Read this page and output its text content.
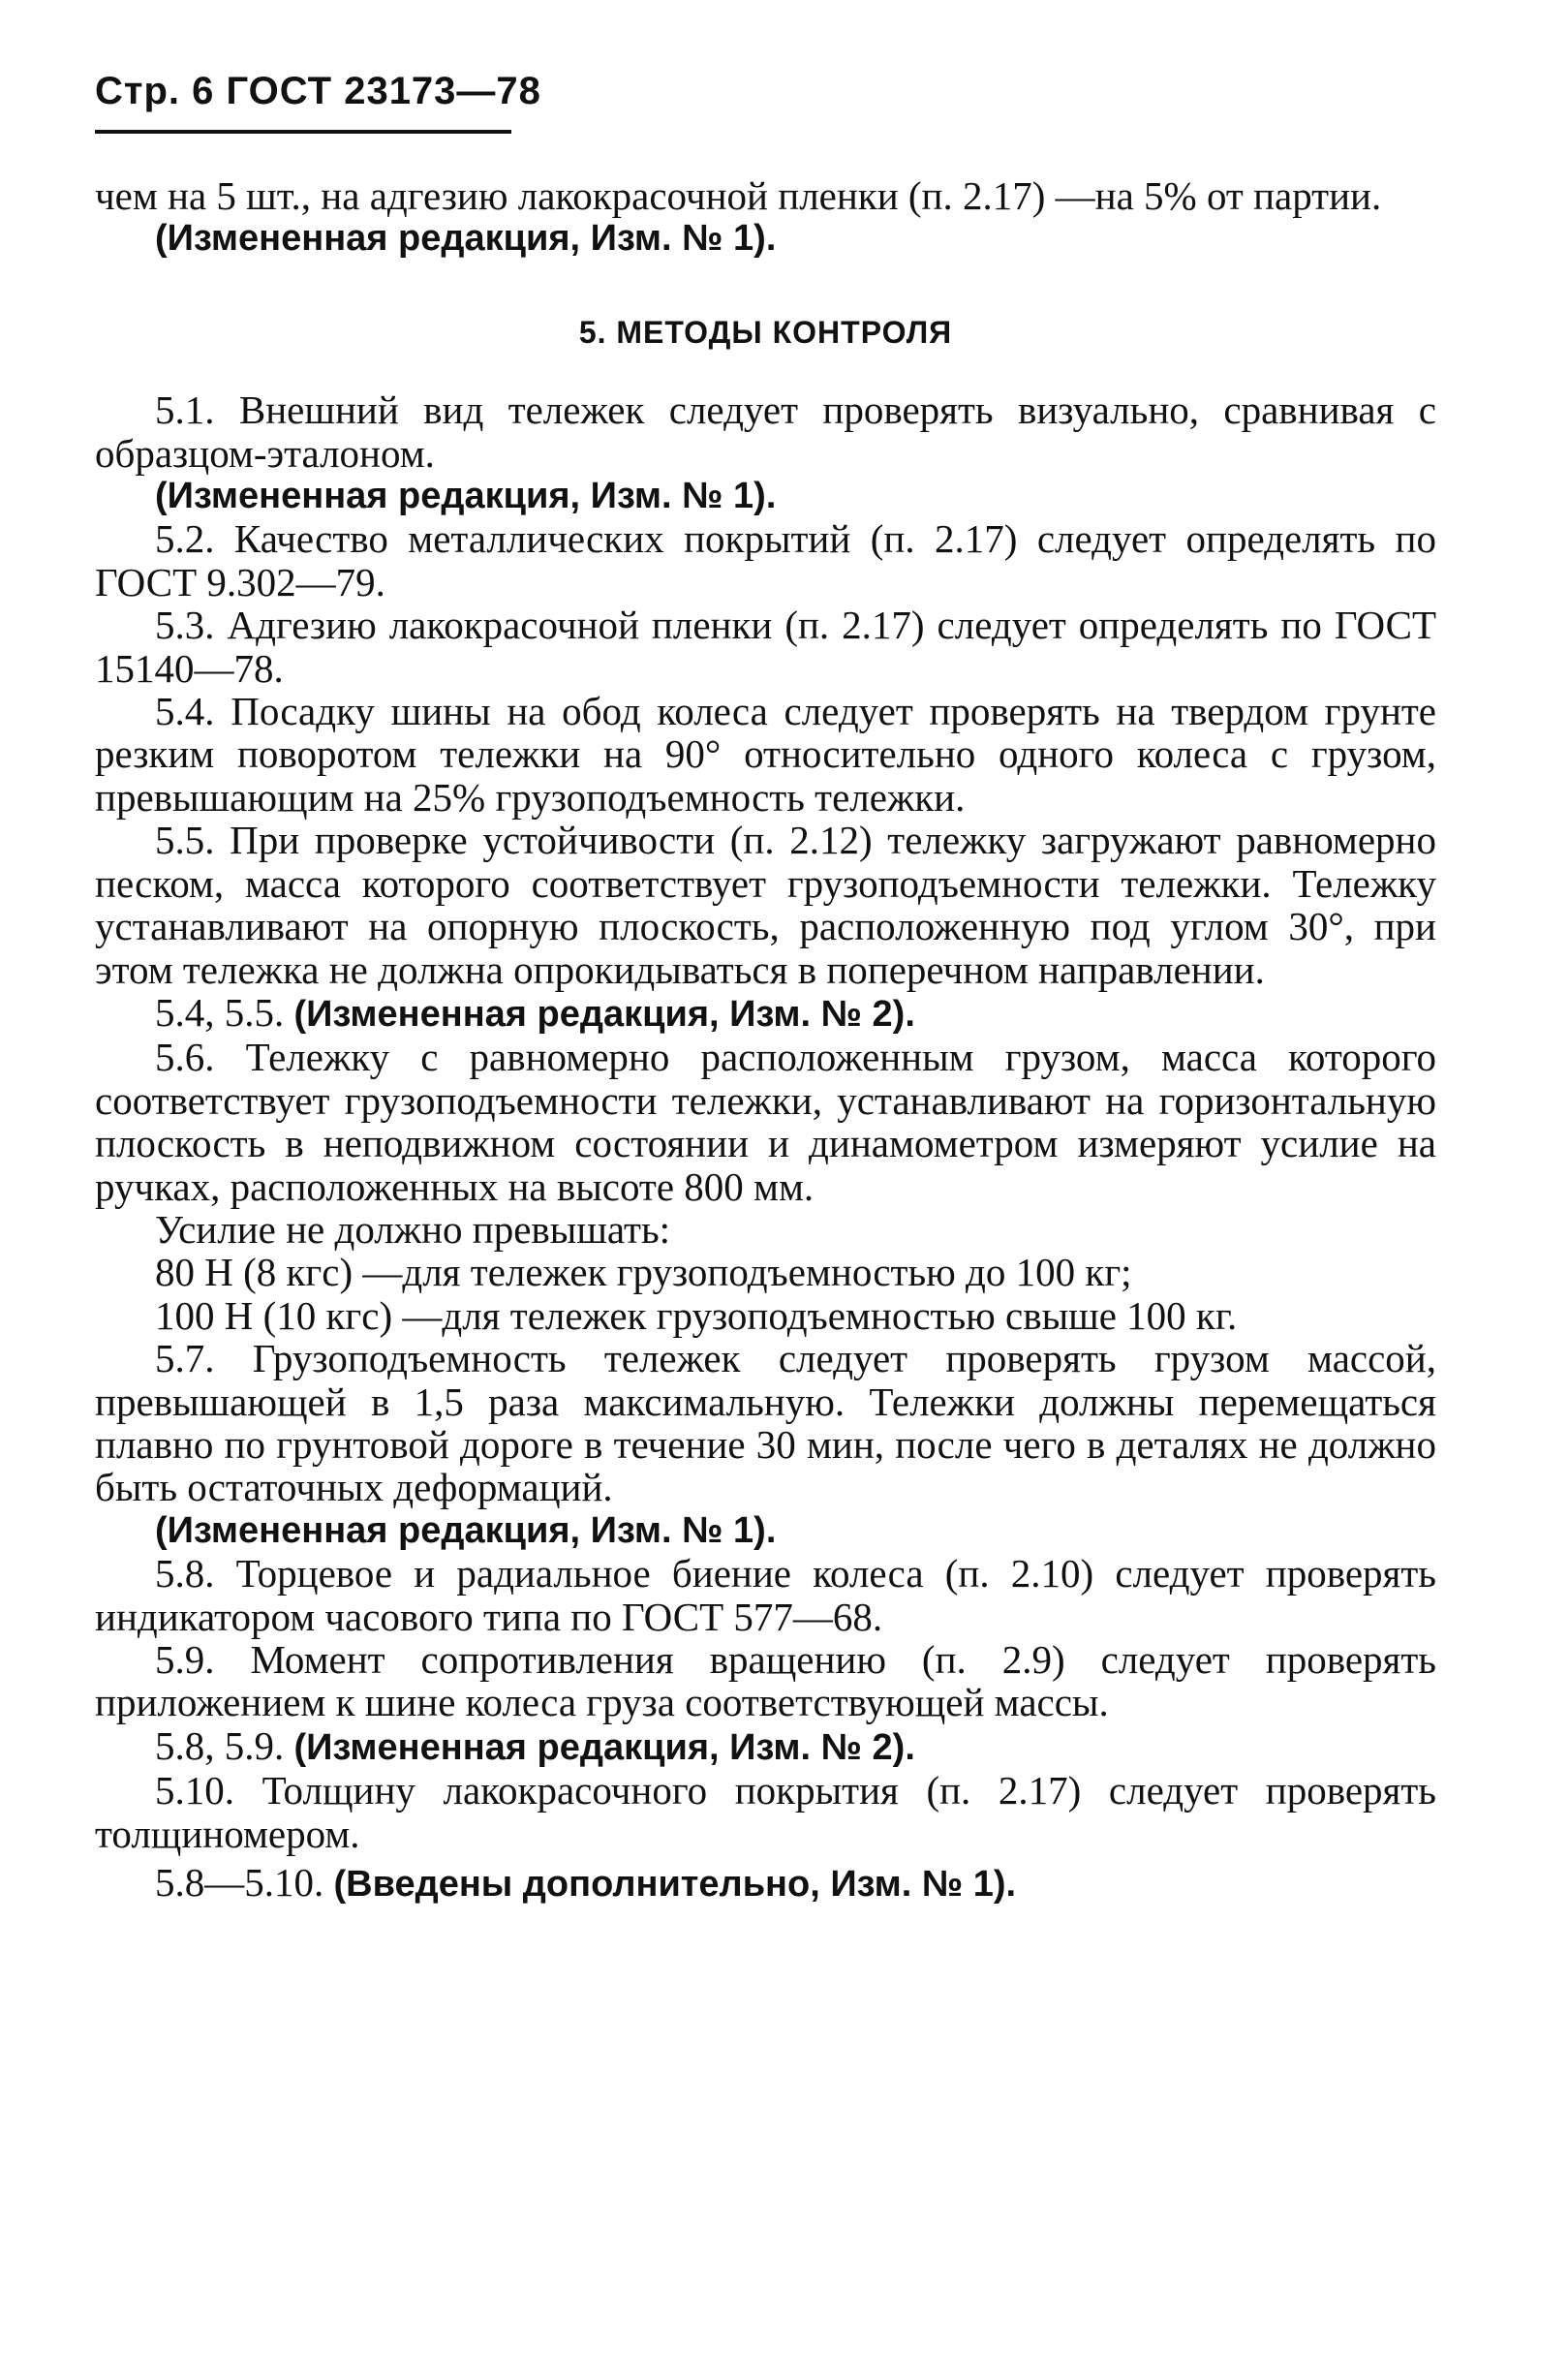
Стр. 6 ГОСТ 23173—78

чем на 5 шт., на адгезию лакокрасочной пленки (п. 2.17) —на 5% от партии.

(Измененная редакция, Изм. № 1).

5. МЕТОДЫ КОНТРОЛЯ

5.1. Внешний вид тележек следует проверять визуально, сравнивая с образцом-эталоном.

(Измененная редакция, Изм. № 1).

5.2. Качество металлических покрытий (п. 2.17) следует определять по ГОСТ 9.302—79.

5.3. Адгезию лакокрасочной пленки (п. 2.17) следует определять по ГОСТ 15140—78.

5.4. Посадку шины на обод колеса следует проверять на твердом грунте резким поворотом тележки на 90° относительно одного колеса с грузом, превышающим на 25% грузоподъемность тележки.

5.5. При проверке устойчивости (п. 2.12) тележку загружают равномерно песком, масса которого соответствует грузоподъемности тележки. Тележку устанавливают на опорную плоскость, расположенную под углом 30°, при этом тележка не должна опрокидываться в поперечном направлении.

5.4, 5.5. (Измененная редакция, Изм. № 2).

5.6. Тележку с равномерно расположенным грузом, масса которого соответствует грузоподъемности тележки, устанавливают на горизонтальную плоскость в неподвижном состоянии и динамометром измеряют усилие на ручках, расположенных на высоте 800 мм.

Усилие не должно превышать:

80 Н (8 кгс) —для тележек грузоподъемностью до 100 кг;

100 Н (10 кгс) —для тележек грузоподъемностью свыше 100 кг.

5.7. Грузоподъемность тележек следует проверять грузом массой, превышающей в 1,5 раза максимальную. Тележки должны перемещаться плавно по грунтовой дороге в течение 30 мин, после чего в деталях не должно быть остаточных деформаций.

(Измененная редакция, Изм. № 1).

5.8. Торцевое и радиальное биение колеса (п. 2.10) следует проверять индикатором часового типа по ГОСТ 577—68.

5.9. Момент сопротивления вращению (п. 2.9) следует проверять приложением к шине колеса груза соответствующей массы.

5.8, 5.9. (Измененная редакция, Изм. № 2).

5.10. Толщину лакокрасочного покрытия (п. 2.17) следует проверять толщиномером.

5.8—5.10. (Введены дополнительно, Изм. № 1).
